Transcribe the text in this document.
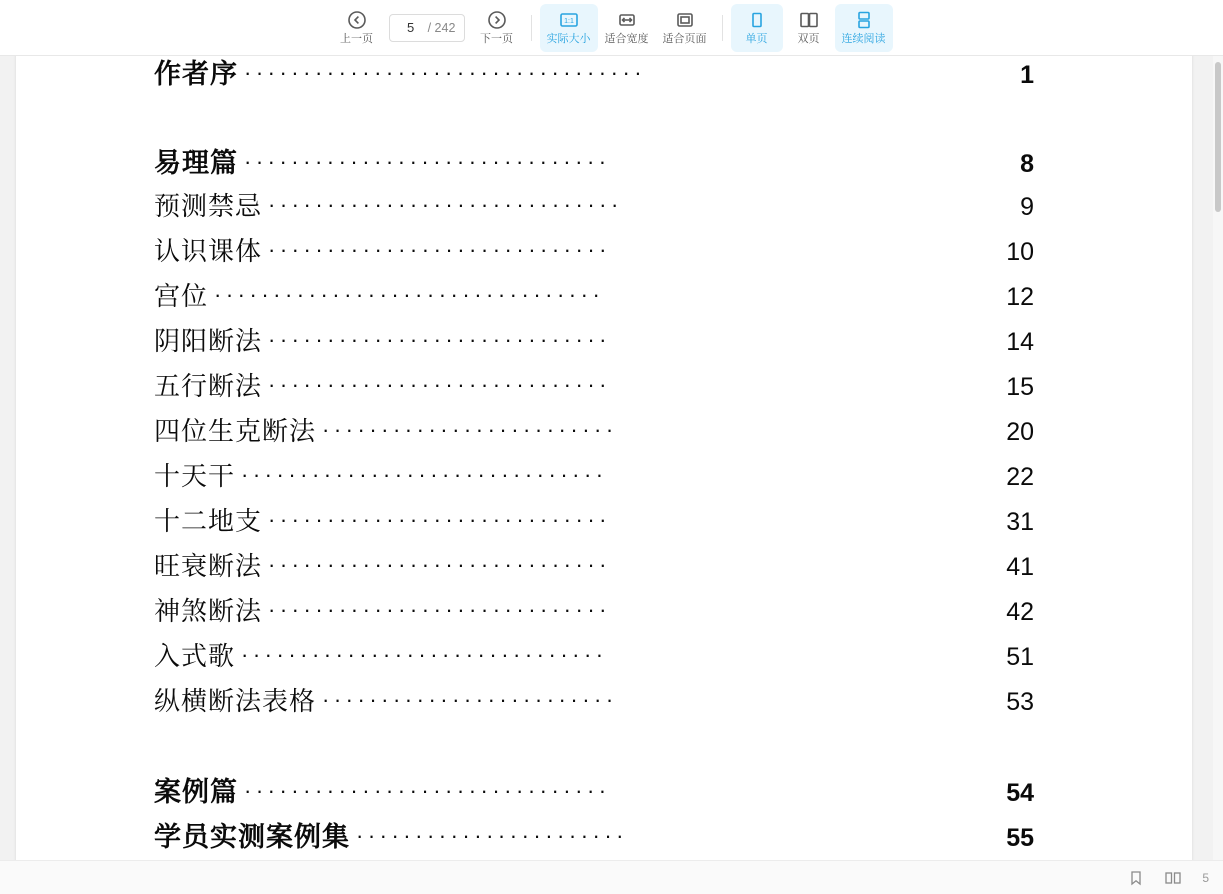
上一页
5	/ 242
下一页
1:1
实际大小 适合宽度 适合页面	单页	双页 连续阅读
作者序 ··································	1
易理篇 ·······························	8
预测禁忌 ······························	9
认识课体 ·····························	10
宫位 ·································	12
阴阳断法 ·····························	14
五行断法 ·····························	15
四位生克断法 ·························	20
十天干 ·······························	22
十二地支 ·····························	31
旺衰断法 ·····························	41
神煞断法 ·····························	42
入式歌 ·······························	51
纵横断法表格 ·························	53
案例篇 ·······························	54
学员实测案例集 ·······················	55
5
